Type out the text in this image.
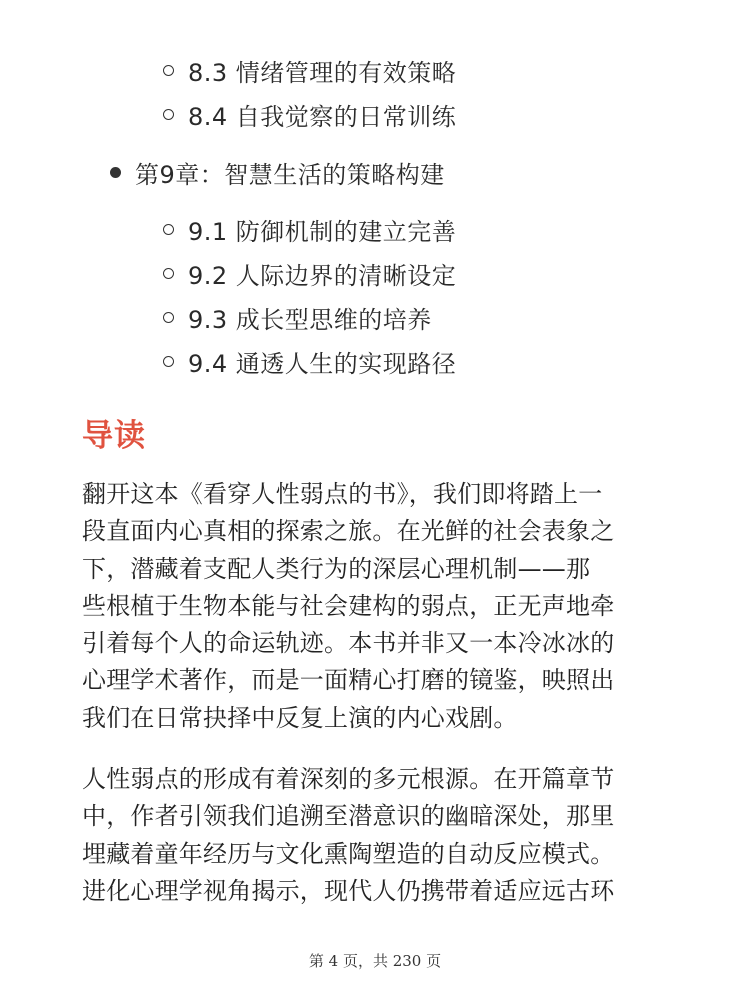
8.3 情绪管理的有效策略
8.4 自我觉察的日常训练
第9章：智慧生活的策略构建
9.1 防御机制的建立完善
9.2 人际边界的清晰设定
9.3 成长型思维的培养
9.4 通透人生的实现路径
导读
翻开这本《看穿人性弱点的书》，我们即将踏上一
段直面内心真相的探索之旅。在光鲜的社会表象之
下，潜藏着支配人类行为的深层心理机制——那
些根植于生物本能与社会建构的弱点，正无声地牵
引着每个人的命运轨迹。本书并非又一本冷冰冰的
心理学术著作，而是一面精心打磨的镜鉴，映照出
我们在日常抉择中反复上演的内心戏剧。
人性弱点的形成有着深刻的多元根源。在开篇章节
中，作者引领我们追溯至潜意识的幽暗深处，那里
埋藏着童年经历与文化熏陶塑造的自动反应模式。
进化心理学视角揭示，现代人仍携带着适应远古环
第 4 页，共 230 页
